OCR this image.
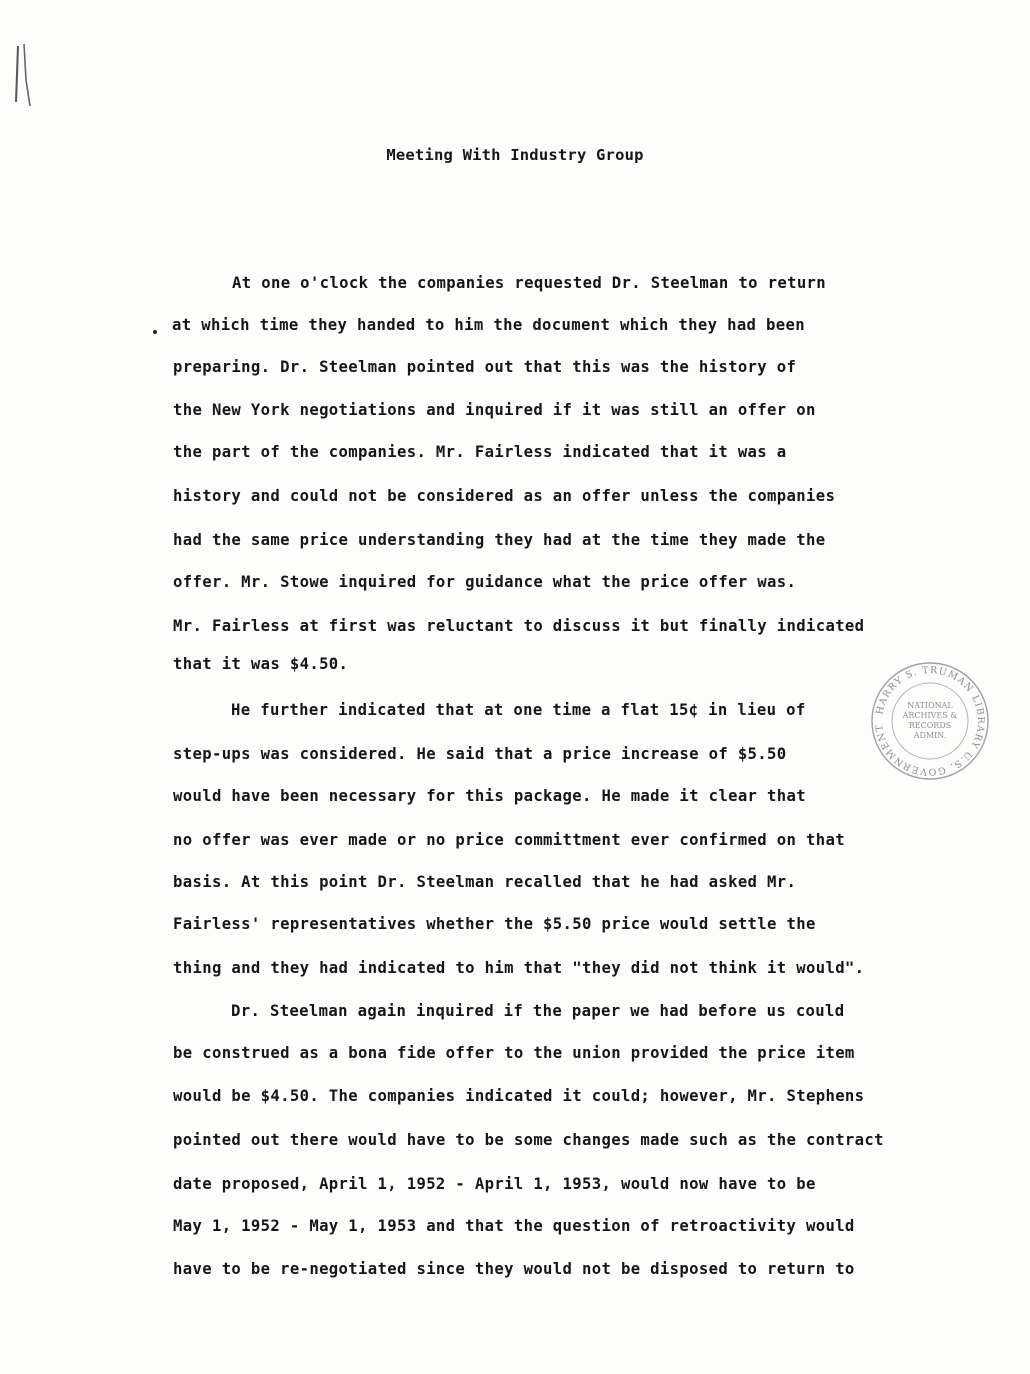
Meeting With Industry Group
At one o'clock the companies requested Dr. Steelman to return
at which time they handed to him the document which they had been
preparing. Dr. Steelman pointed out that this was the history of
the New York negotiations and inquired if it was still an offer on
the part of the companies. Mr. Fairless indicated that it was a
history and could not be considered as an offer unless the companies
had the same price understanding they had at the time they made the
offer. Mr. Stowe inquired for guidance what the price offer was.
Mr. Fairless at first was reluctant to discuss it but finally indicated
that it was $4.50.
He further indicated that at one time a flat 15¢ in lieu of
step-ups was considered. He said that a price increase of $5.50
would have been necessary for this package. He made it clear that
no offer was ever made or no price committment ever confirmed on that
basis. At this point Dr. Steelman recalled that he had asked Mr.
Fairless' representatives whether the $5.50 price would settle the
thing and they had indicated to him that "they did not think it would".
Dr. Steelman again inquired if the paper we had before us could
be construed as a bona fide offer to the union provided the price item
would be $4.50. The companies indicated it could; however, Mr. Stephens
pointed out there would have to be some changes made such as the contract
date proposed, April 1, 1952 - April 1, 1953, would now have to be
May 1, 1952 - May 1, 1953 and that the question of retroactivity would
have to be re-negotiated since they would not be disposed to return to
HARRY S. TRUMAN LIBRARY U.S. GOVERNMENT
NATIONAL
ARCHIVES &
RECORDS
ADMIN.
